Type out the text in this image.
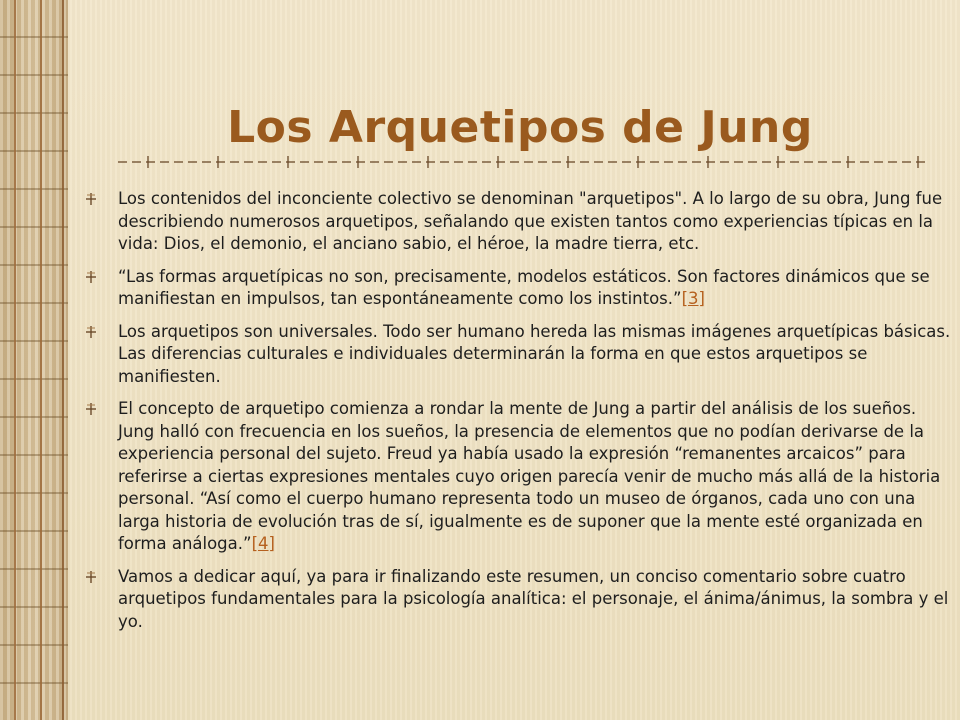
Los Arquetipos de Jung
Los contenidos del inconciente colectivo se denominan "arquetipos". A lo largo de su obra, Jung fue describiendo numerosos arquetipos, señalando que existen tantos como experiencias típicas en la vida: Dios, el demonio, el anciano sabio, el héroe, la madre tierra, etc.
“Las formas arquetípicas no son, precisamente, modelos estáticos. Son factores dinámicos que se manifiestan en impulsos, tan espontáneamente como los instintos.”[3]
Los arquetipos son universales. Todo ser humano hereda las mismas imágenes arquetípicas básicas. Las diferencias culturales e individuales determinarán la forma en que estos arquetipos se manifiesten.
El concepto de arquetipo comienza a rondar la mente de Jung a partir del análisis de los sueños. Jung halló con frecuencia en los sueños, la presencia de elementos que no podían derivarse de la experiencia personal del sujeto. Freud ya había usado la expresión “remanentes arcaicos” para referirse a ciertas expresiones mentales cuyo origen parecía venir de mucho más allá de la historia personal. “Así como el cuerpo humano representa todo un museo de órganos, cada uno con una larga historia de evolución tras de sí, igualmente es de suponer que la mente esté organizada en forma análoga.”[4]
Vamos a dedicar aquí, ya para ir finalizando este resumen, un conciso comentario sobre cuatro arquetipos fundamentales para la psicología analítica: el personaje, el ánima/ánimus, la sombra y el yo.
